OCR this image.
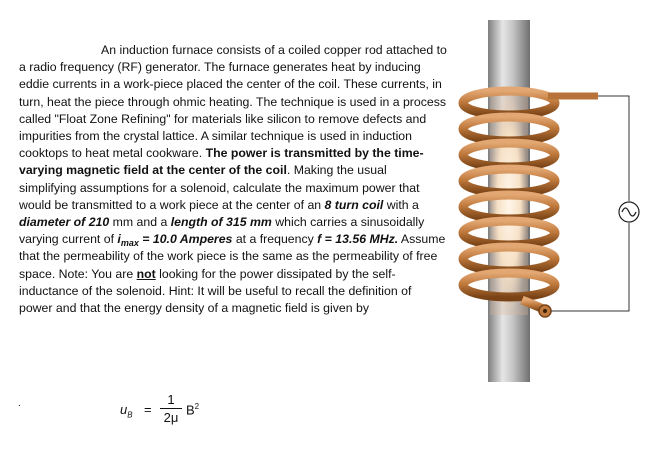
An induction furnace consists of a coiled copper rod attached to a radio frequency (RF) generator. The furnace generates heat by inducing eddie currents in a work-piece placed the center of the coil. These currents, in turn, heat the piece through ohmic heating. The technique is used in a process called "Float Zone Refining" for materials like silicon to remove defects and impurities from the crystal lattice. A similar technique is used in induction cooktops to heat metal cookware. The power is transmitted by the time-varying magnetic field at the center of the coil. Making the usual simplifying assumptions for a solenoid, calculate the maximum power that would be transmitted to a work piece at the center of an 8 turn coil with a diameter of 210 mm and a length of 315 mm which carries a sinusoidally varying current of $i_{max} = 10.0$ Amperes at a frequency f = 13.56 MHz. Assume that the permeability of the work piece is the same as the permeability of free space. Note: You are not looking for the power dissipated by the self-inductance of the solenoid. Hint: It will be useful to recall the definition of power and that the energy density of a magnetic field is given by

.	$u_B$ =
1
2μ
$B^2$
